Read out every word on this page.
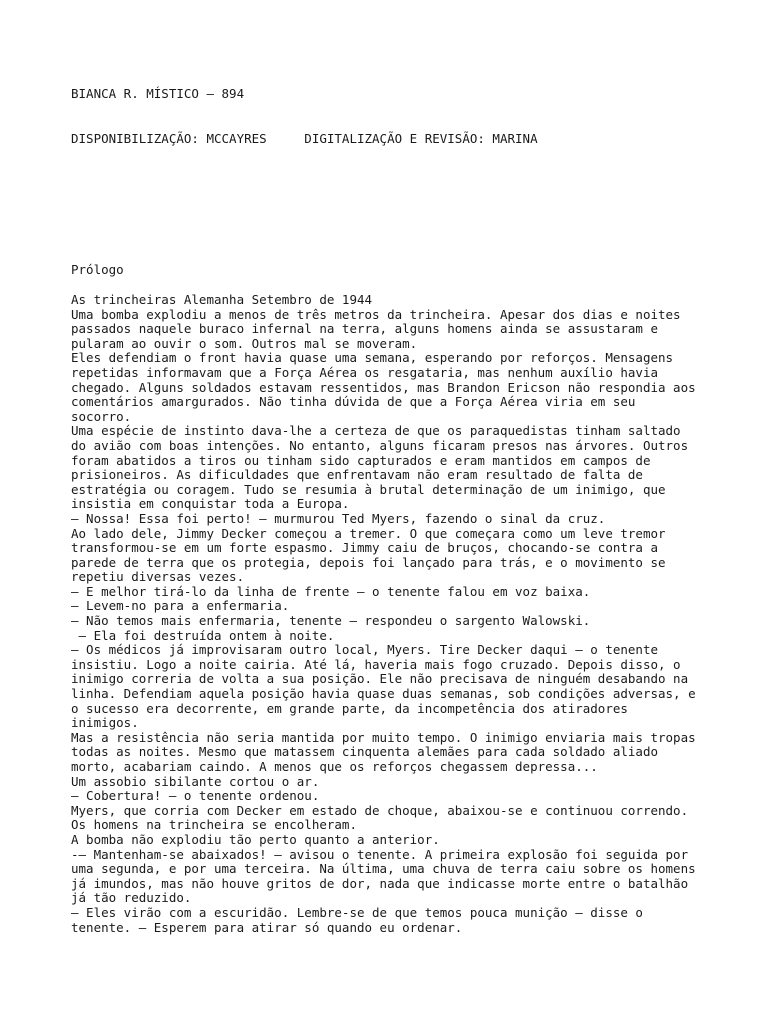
BIANCA R. MÍSTICO – 894

DISPONIBILIZAÇÃO: MCCAYRES     DIGITALIZAÇÃO E REVISÃO: MARINA

Prólogo

As trincheiras Alemanha Setembro de 1944
Uma bomba explodiu a menos de três metros da trincheira. Apesar dos dias e noites
passados naquele buraco infernal na terra, alguns homens ainda se assustaram e
pularam ao ouvir o som. Outros mal se moveram.
Eles defendiam o front havia quase uma semana, esperando por reforços. Mensagens
repetidas informavam que a Força Aérea os resgataria, mas nenhum auxílio havia
chegado. Alguns soldados estavam ressentidos, mas Brandon Ericson não respondia aos
comentários amargurados. Não tinha dúvida de que a Força Aérea viria em seu
socorro.
Uma espécie de instinto dava-lhe a certeza de que os paraquedistas tinham saltado
do avião com boas intenções. No entanto, alguns ficaram presos nas árvores. Outros
foram abatidos a tiros ou tinham sido capturados e eram mantidos em campos de
prisioneiros. As dificuldades que enfrentavam não eram resultado de falta de
estratégia ou coragem. Tudo se resumia à brutal determinação de um inimigo, que
insistia em conquistar toda a Europa.
— Nossa! Essa foi perto! — murmurou Ted Myers, fazendo o sinal da cruz.
Ao lado dele, Jimmy Decker começou a tremer. O que começara como um leve tremor
transformou-se em um forte espasmo. Jimmy caiu de bruços, chocando-se contra a
parede de terra que os protegia, depois foi lançado para trás, e o movimento se
repetiu diversas vezes.
— E melhor tirá-lo da linha de frente — o tenente falou em voz baixa.
— Levem-no para a enfermaria.
— Não temos mais enfermaria, tenente — respondeu o sargento Walowski.
— Ela foi destruída ontem à noite.
— Os médicos já improvisaram outro local, Myers. Tire Decker daqui — o tenente
insistiu. Logo a noite cairia. Até lá, haveria mais fogo cruzado. Depois disso, o
inimigo correria de volta a sua posição. Ele não precisava de ninguém desabando na
linha. Defendiam aquela posição havia quase duas semanas, sob condições adversas, e
o sucesso era decorrente, em grande parte, da incompetência dos atiradores
inimigos.
Mas a resistência não seria mantida por muito tempo. O inimigo enviaria mais tropas
todas as noites. Mesmo que matassem cinquenta alemães para cada soldado aliado
morto, acabariam caindo. A menos que os reforços chegassem depressa...
Um assobio sibilante cortou o ar.
— Cobertura! — o tenente ordenou.
Myers, que corria com Decker em estado de choque, abaixou-se e continuou correndo.
Os homens na trincheira se encolheram.
A bomba não explodiu tão perto quanto a anterior.
-— Mantenham-se abaixados! — avisou o tenente. A primeira explosão foi seguida por
uma segunda, e por uma terceira. Na última, uma chuva de terra caiu sobre os homens
já imundos, mas não houve gritos de dor, nada que indicasse morte entre o batalhão
já tão reduzido.
— Eles virão com a escuridão. Lembre-se de que temos pouca munição — disse o
tenente. — Esperem para atirar só quando eu ordenar.
